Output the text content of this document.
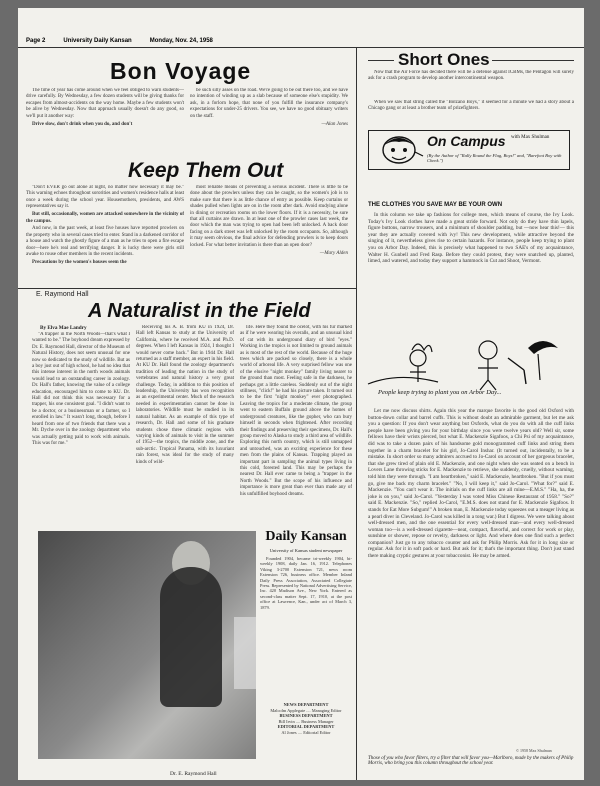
Page 2	University Daily Kansan	Monday, Nov. 24, 1958
Bon Voyage

The time of year has come around when we feel obliged to warn students—drive carefully. By Wednesday, a few dozen students will be giving thanks for escapes from almost-accidents on the way home. Maybe a few students won't be alive by Wednesday. Now that approach usually doesn't do any good, so we'll put it another way:

Drive slow, don't drink when you do, and don't

be such silly asses on the road. We're going to be out there too, and we have no intention of winding up as a slab because of someone else's stupidity. We ask, in a forlorn hope, that none of you fulfill the insurance company's expectations for under-25 drivers. You see, we have no good obituary writers on the staff.

—Alan Jones

Keep Them Out

"Don't EVER go out alone at night, no matter how necessary it may be." This warning echoes throughout sororities and women's residence halls at least once a week during the school year. Housemothers, presidents, and AWS representatives say it.

But still, occasionally, women are attacked somewhere in the vicinity of the campus.

And now, in the past week, at least five houses have reported prowlers on the property who in several cases tried to enter. Stand in a darkened corridor of a house and watch the ghostly figure of a man as he tries to open a fire escape door—here he's real and terrifying danger. It is lucky there were girls still awake to rouse other members in the recent incidents.

Precautions by the women's houses seem the

most reliable means of preventing a serious incident. There is little to be done about the prowlers unless they can be caught, so the women's job is to make sure that there is as little chance of entry as possible. Keep curtains or shades pulled when lights are on in the room after dark. Avoid studying alone in dining or recreation rooms on the lower floors. If it is a necessity, be sure that all curtains are drawn. In at least one of the prowler cases last week, the door which the man was trying to open had been left unlocked. A back door facing on a dark street was left unlocked by the room occupants. So, although it may seem obvious, the final advice for defending prowlers is to keep doors locked. For what better invitation is there than an open door?

—Mary Alden

E. Raymond Hall
A Naturalist in the Field
By Elva Mae Landry

"A trapper in the North Woods—that's what I wanted to be." The boyhood dream expressed by Dr. E. Raymond Hall, director of the Museum of Natural History, does not seem unusual for one now so dedicated to the study of wildlife. But as a boy just out of high school, he had no idea that this intense interest in the north woods animals would lead to an outstanding career in zoology. Dr. Hall's father, knowing the value of a college education, encouraged him to come to KU. Dr. Hall did not think this was necessary for a trapper, his one consistent goal. "I didn't want to be a doctor, or a businessman or a farmer, so I enrolled in law." It wasn't long, though, before I heard from one of two friends that there was a Mr. Dyche over in the zoology department who was actually getting paid to work with animals. This was for me."

Receiving his A. B. from KU in 1924, Dr. Hall left Kansas to study at the University of California, where he received M.A. and Ph.D. degrees. When I left Kansas in 1924, I thought I would never come back." But in 1944 Dr. Hall returned as a staff member, an expert in his field. At KU Dr. Hall found the zoology department's tradition of leading the nation in the study of vertebrates and natural history a very great challenge. Today, in addition to this position of leadership, the University has won recognition as an experimental center. Much of the research needed in experimentation cannot be done in laboratories. Wildlife must be studied in its natural habitat. As an example of this type of research, Dr. Hall and some of his graduate students chose three climatic regions with varying kinds of animals to visit in the summer of 1952—the tropics, the middle zone, and the sub-arctic. Tropical Panama, with its luxuriant rain forest, was ideal for the study of many kinds of wild-

life. Here they found the ocelot, with his fur marked as if he were wearing his overalls, and an unusual kind of cat with its underground diary of bird "eyes." Working in the tropics is not limited to ground animals as is most of the rest of the world. Because of the huge trees which are packed so closely, there is a whole world of arboreal life. A very surprised fellow was one of the elusive "night monkey" family living nearer to the ground than most. Feeling safe in the darkness, he perhaps got a little careless. Suddenly out of the night stillness, "click!" he had his picture taken. It turned out to be the first "night monkey" ever photographed. Leaving the tropics for a moderate climate, the group went to eastern Buffalo ground above the homes of underground creatures, like the gopher, who can bury himself in seconds when frightened. After recording their findings and preserving their specimens, Dr. Hall's group moved to Alaska to study a third area of wildlife. Exploring this north country, which is still unmapped and untouched, was an exciting experience for these men from the plains of Kansas. Trapping played an important part in sampling the animal types living in this cold, forested land. This may be perhaps the nearest Dr. Hall ever came to being a "trapper in the North Woods." But the scope of his influence and importance is more great than ever than made any of his unfulfilled boyhood dreams.

Dr. E. Raymond Hall
Daily Kansan
University of Kansas student newspaper

Founded 1904, became tri-weekly 1904, bi-weekly 1908, daily Jan. 16, 1912. Telephones Viking 3-2700 Extension 721, news room Extension 726, business office. Member Inland Daily Press Association, Associated Collegiate Press. Represented by National Advertising Service, Inc. 420 Madison Ave., New York. Entered as second-class matter Sept. 17, 1910, at the post office at Lawrence, Kan., under act of March 3, 1879.

NEWS DEPARTMENT
Malcolm Applegate .... Managing Editor
BUSINESS DEPARTMENT
Bill Irvin .... Business Manager
EDITORIAL DEPARTMENT
Al Jones .... Editorial Editor
Short Ones

Now that the Air Force has decided there will be a defense against ICBMs, the Pentagon will surely ask for a crash program to develop another intercontinental weapon.

When we saw that string called the "Bolzano Boys," it seemed for a minute we had a story about a Chicago gang or at least a brother team of prizefighters.

On Campus with Max Shulman
(By the Author of "Rally Round the Flag, Boys!" and, "Barefoot Boy with Cheek.")
THE CLOTHES YOU SAVE MAY BE YOUR OWN

In this column we take up fashions for college men, which means of course, the Ivy Look. Today's Ivy Look clothes have made a great stride forward. Not only do they have thin lapels, figure buttons, narrow trousers, and a minimum of shoulder padding, but —now hear this!— this year they are actually covered with ivy! This new development, while attractive beyond the singing of it, nevertheless gives rise to certain hazards. For instance, people keep trying to plant you on Arbor Day. Indeed, this is precisely what happened to two SAE's of my acquaintance, Walter H. Gunbell and Fred Rasp. Before they could protest, they were snatched up, planted, limed, and watered, and today they support a hammock in Cut and Shoot, Vermont.

People keep trying to plant you on Arbor Day...

Let me now discuss shirts. Again this year the marque favorite is the good old Oxford with button-down collar and barrel cuffs. This is without doubt an admirable garment, but let me ask you a question: If you don't wear anything but Oxfords, what do you do with all the cuff links people have been giving you for your birthday since you were twelve years old? Well sir, some fellows have their wrists pierced, but what E. Mackenzie Sigafoos, a Chi Psi of my acquaintance, did was to take a dozen pairs of his handsome gold monogrammed cuff links and string them together in a charm bracelet for his girl, Jo-Carol Inshar. (It turned out, incidentally, to be a mistake. In short order so many admirers accrued to Jo-Carol on account of her gorgeous bracelet, that she grew tired of plain old E. Mackenzie, and one night when she was seated on a bench in Lovers Lane throwing sticks for E. Mackenzie to retrieve, she suddenly, cruelly, without warning, told him they were through. "I am heartbroken," said E. Mackenzie, heartbroken. "But if you must go, give me back my charm bracelet." "No, I will keep it," said Jo-Carol. "What for?" said E. Mackenzie. "You can't wear it. The initials on the cuff links are all mine—E.M.S." "Ha, ha, the joke is on you," said Jo-Carol. "Yesterday I was voted Miss Chinese Restaurant of 1958." "So?" said E. Mackenzie. "So," replied Jo-Carol, "E.M.S. does not stand for E. Mackenzie Sigafoos. It stands for Eat More Subgum!" A broken man, E. Mackenzie today squeezes out a meager living as a pearl diver in Cleveland. Jo-Carol was killed in a tong war.) But I digress. We were talking about well-dressed men, and the one essential for every well-dressed man—and every well-dressed woman too—is a well-dressed cigarette—neat, compact, flavorful, and correct for work or play, sunshine or shower, repose or revelry, darkness or light. And where does one find such a perfect companion? Just go to any tobacco counter and ask for Philip Morris. Ask for it in long size or regular. Ask for it in soft pack or hard. But ask for it; that's the important thing. Don't just stand there making cryptic gestures at your tobacconist. He may be armed.

© 1958 Max Shulman
Those of you who favor filters, try a filter that will favor you—Marlboro, made by the makers of Philip Morris, who bring you this column throughout the school year.
